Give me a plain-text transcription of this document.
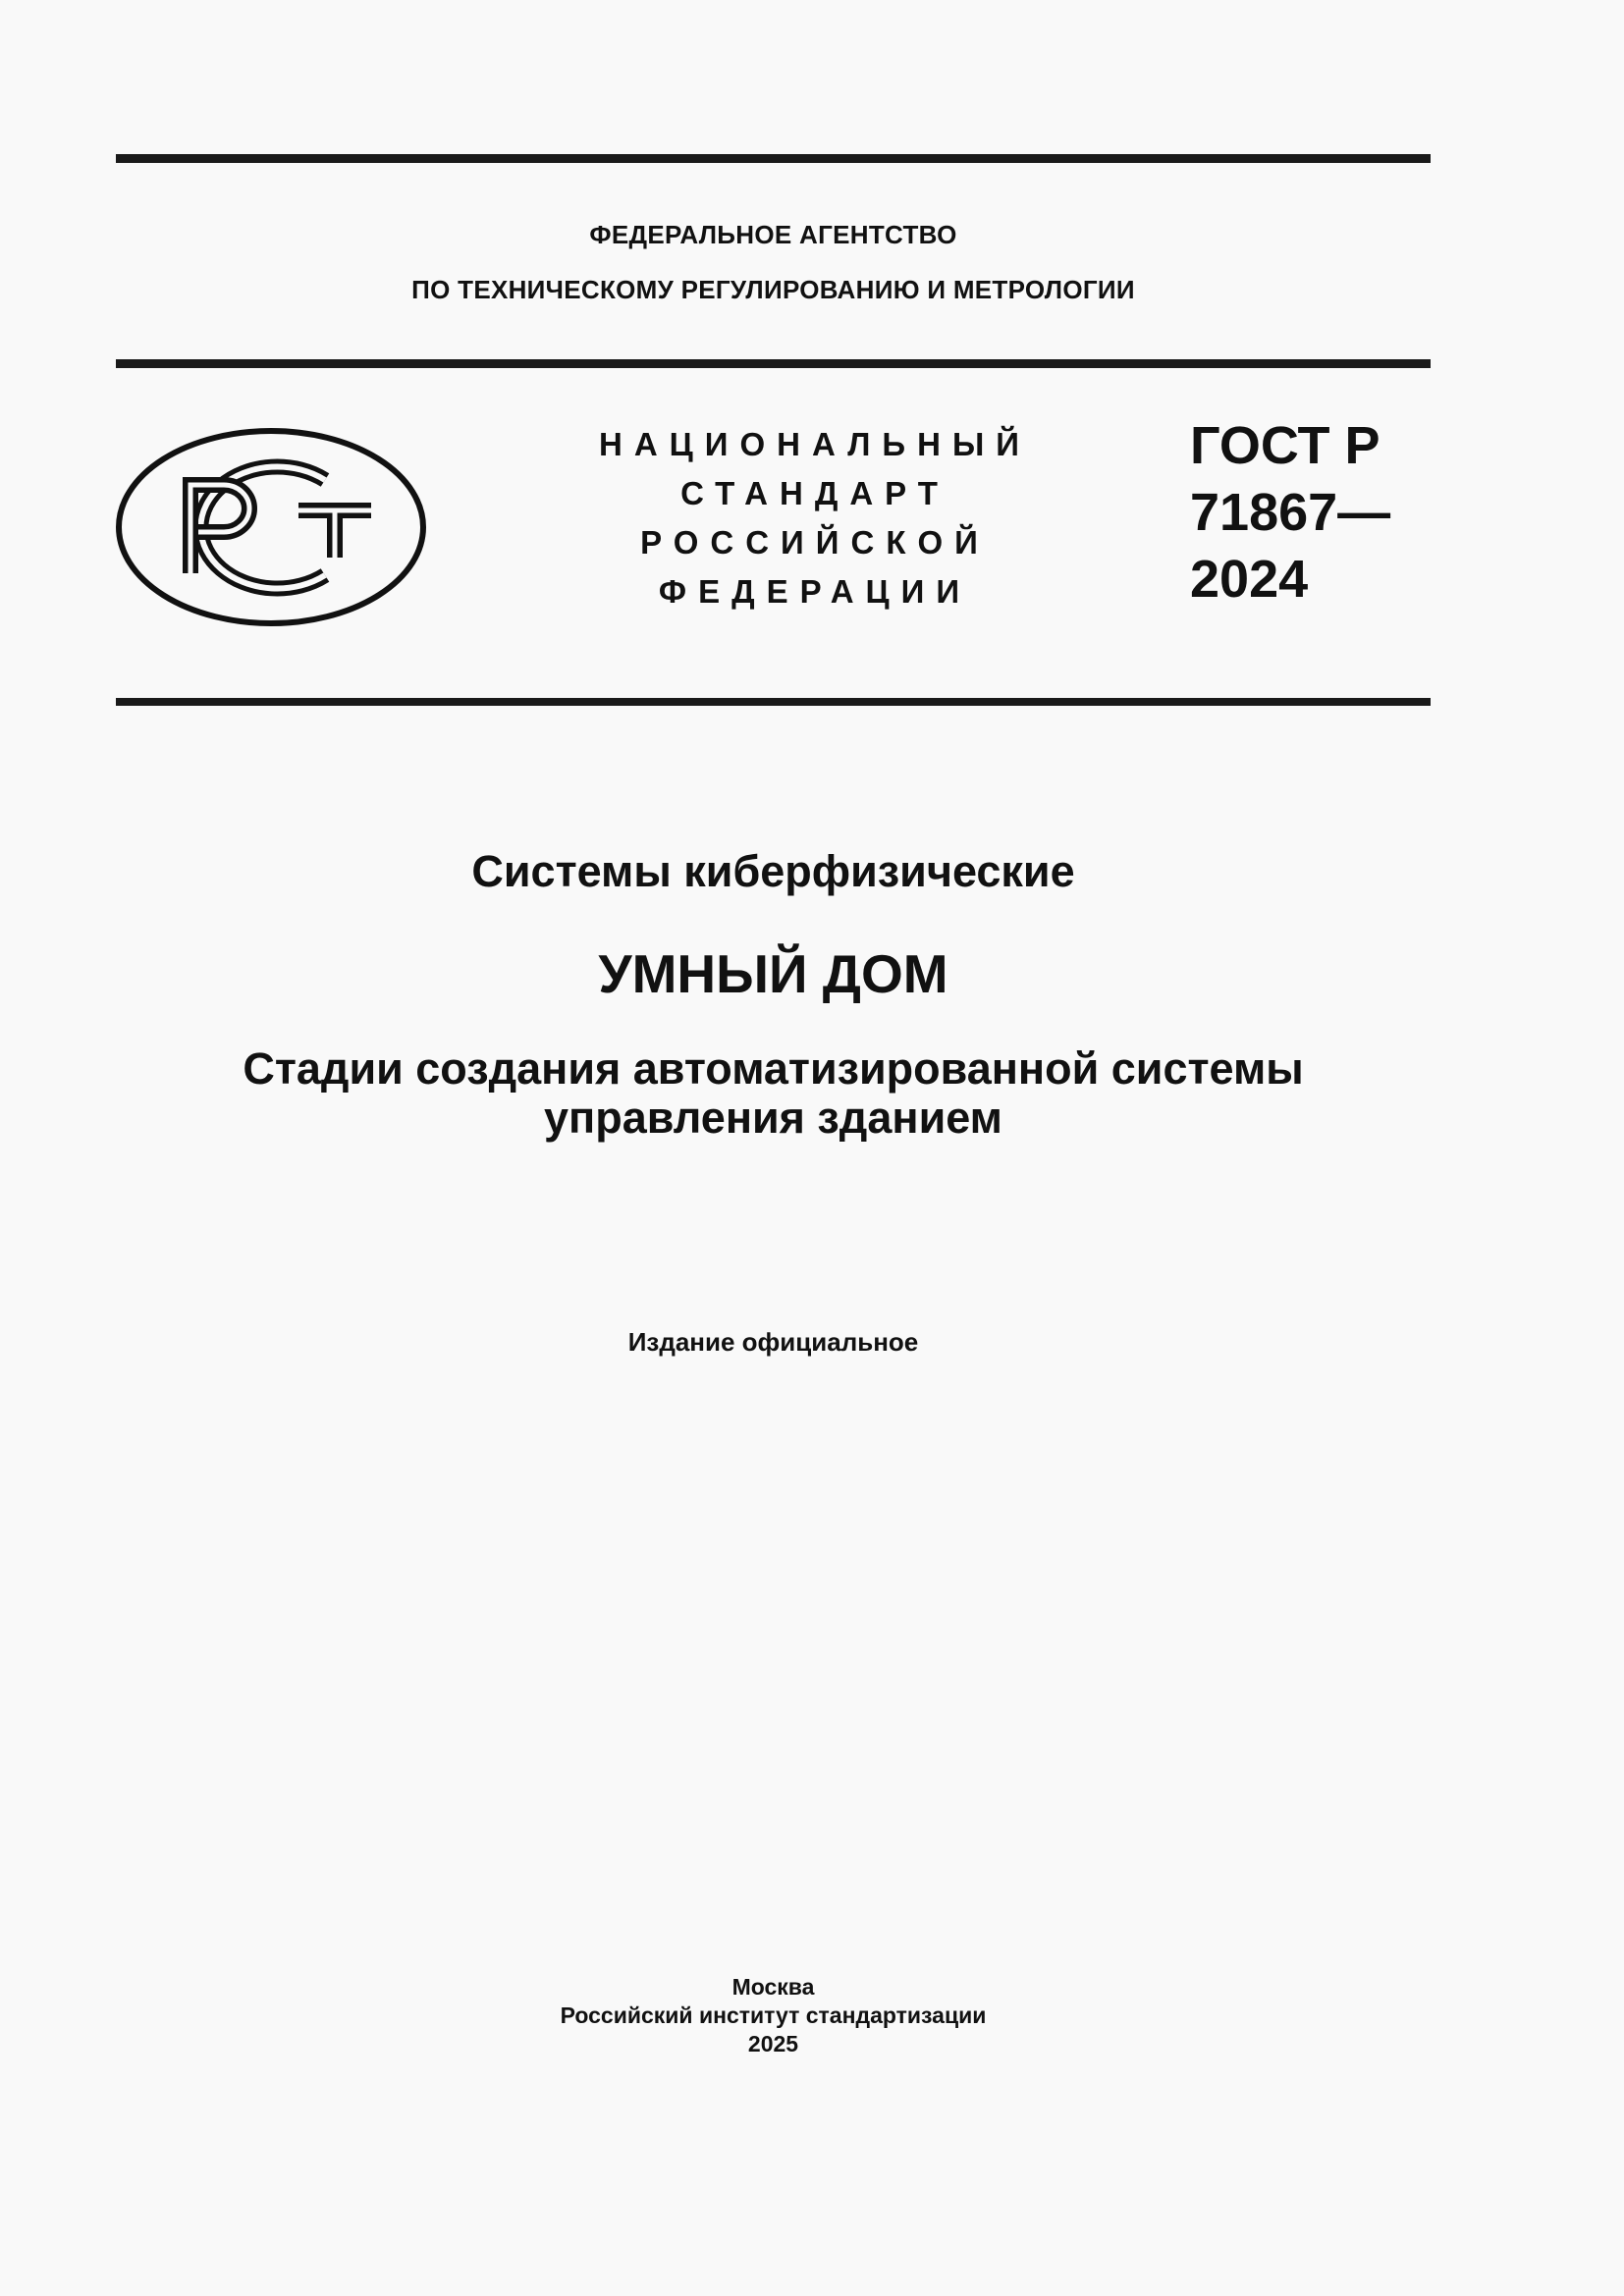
ФЕДЕРАЛЬНОЕ АГЕНТСТВО
ПО ТЕХНИЧЕСКОМУ РЕГУЛИРОВАНИЮ И МЕТРОЛОГИИ
НАЦИОНАЛЬНЫЙ
СТАНДАРТ
РОССИЙСКОЙ
ФЕДЕРАЦИИ
ГОСТ Р
71867—
2024
Системы киберфизические
УМНЫЙ ДОМ
Стадии создания автоматизированной системы
управления зданием
Издание официальное
Москва
Российский институт стандартизации
2025
